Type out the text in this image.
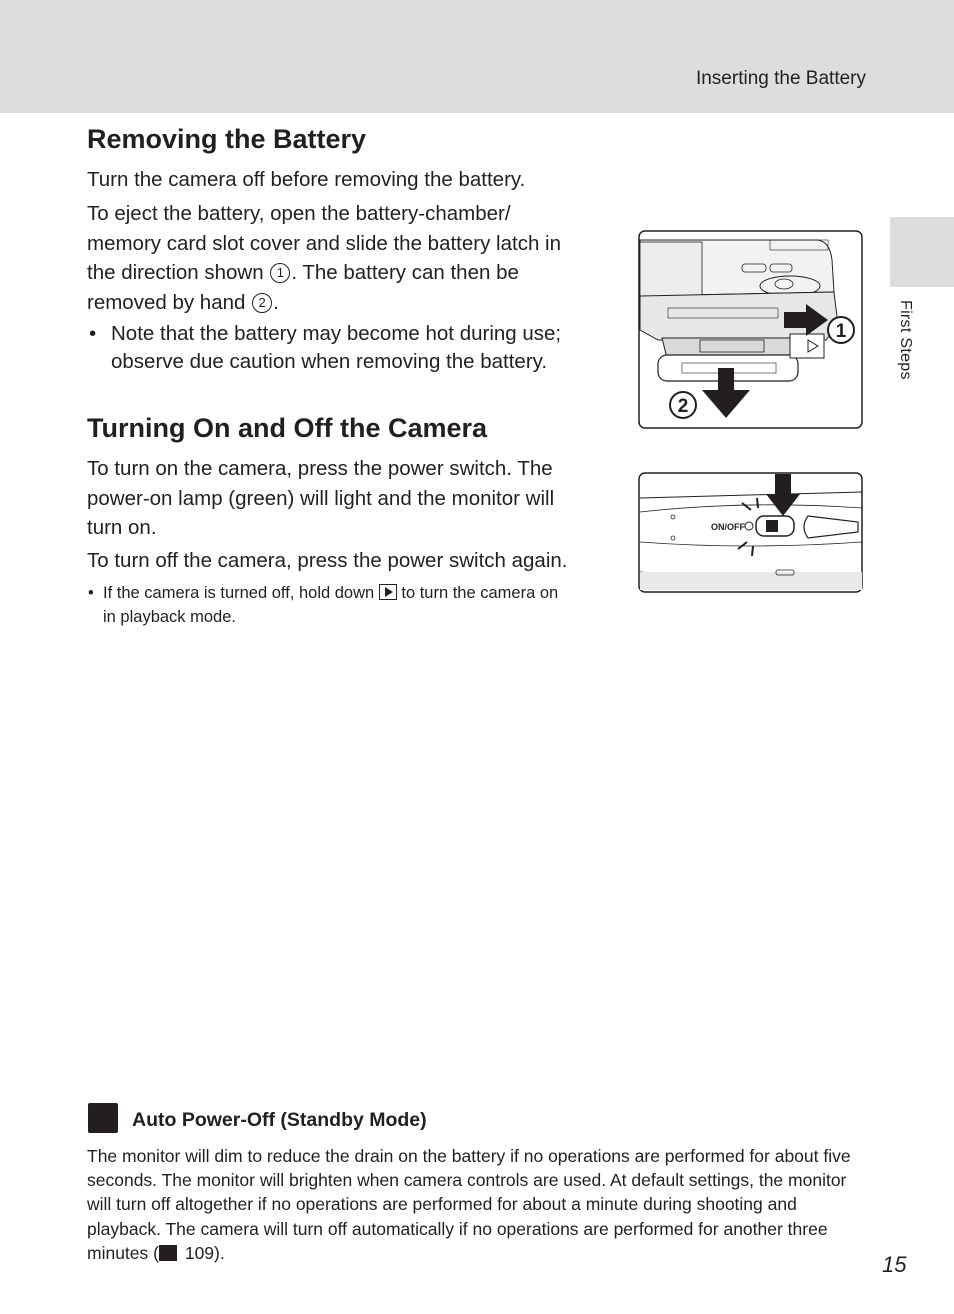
Inserting the Battery
First Steps
Removing the Battery

Turn the camera off before removing the battery.

To eject the battery, open the battery-chamber/
memory card slot cover and slide the battery latch in
the direction shown 1 . The battery can then be
removed by hand 2 .
• Note that the battery may become hot during use;
observe due caution when removing the battery.
1
2
Turning On and Off the Camera
To turn on the camera, press the power switch. The
power-on lamp (green) will light and the monitor will
turn on.

To turn off the camera, press the power switch again.

• If the camera is turned off, hold down  to turn the camera on
in playback mode.
ON/OFF
Auto Power-Off (Standby Mode)
The monitor will dim to reduce the drain on the battery if no operations are performed for about five
seconds. The monitor will brighten when camera controls are used. At default settings, the monitor
will turn off altogether if no operations are performed for about a minute during shooting and
playback. The camera will turn off automatically if no operations are performed for another three
minutes ( 109).	15
